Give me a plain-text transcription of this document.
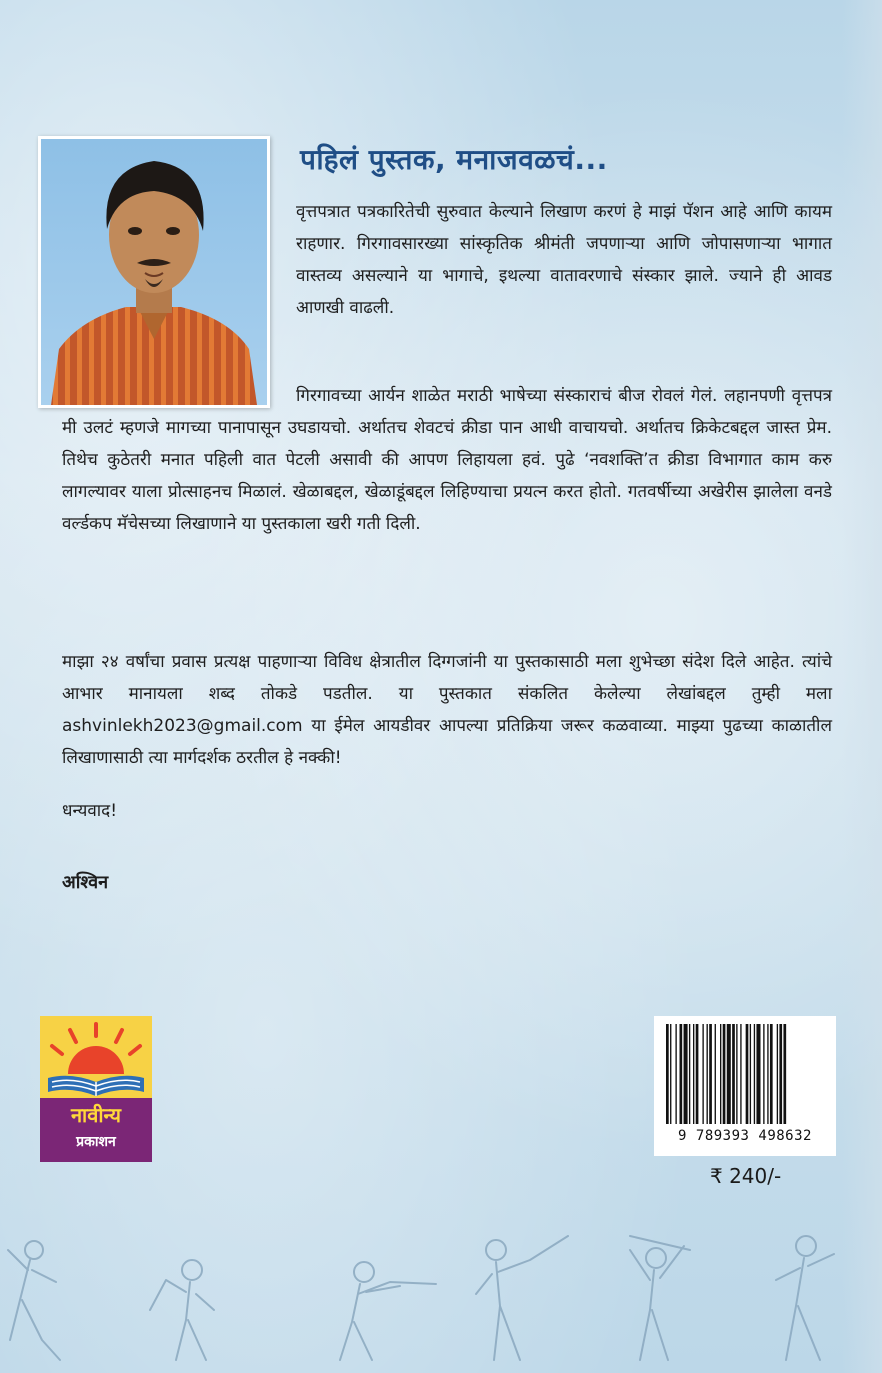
पहिलं पुस्तक, मनाजवळचं...

वृत्तपत्रात पत्रकारितेची सुरुवात केल्याने लिखाण करणं हे माझं पॅशन आहे आणि कायम राहणार. गिरगावसारख्या सांस्कृतिक श्रीमंती जपणाऱ्या आणि जोपासणाऱ्या भागात वास्तव्य असल्याने या भागाचे, इथल्या वातावरणाचे संस्कार झाले. ज्याने ही आवड आणखी वाढली.

गिरगावच्या आर्यन शाळेत मराठी भाषेच्या संस्काराचं बीज रोवलं गेलं. लहानपणी वृत्तपत्र मी उलटं म्हणजे मागच्या पानापासून उघडायचो. अर्थातच शेवटचं क्रीडा पान आधी वाचायचो. अर्थातच क्रिकेटबद्दल जास्त प्रेम. तिथेच कुठेतरी मनात पहिली वात पेटली असावी की आपण लिहायला हवं. पुढे ‘नवशक्ति’त क्रीडा विभागात काम करु लागल्यावर याला प्रोत्साहनच मिळालं. खेळाबद्दल, खेळाडूंबद्दल लिहिण्याचा प्रयत्न करत होतो. गतवर्षीच्या अखेरीस झालेला वनडे वर्ल्डकप मॅचेसच्या लिखाणाने या पुस्तकाला खरी गती दिली.

माझा २४ वर्षांचा प्रवास प्रत्यक्ष पाहणाऱ्या विविध क्षेत्रातील दिग्गजांनी या पुस्तकासाठी मला शुभेच्छा संदेश दिले आहेत. त्यांचे आभार मानायला शब्द तोकडे पडतील. या पुस्तकात संकलित केलेल्या लेखांबद्दल तुम्ही मला ashvinlekh2023@gmail.com या ईमेल आयडीवर आपल्या प्रतिक्रिया जरूर कळवाव्या. माझ्या पुढच्या काळातील लिखाणासाठी त्या मार्गदर्शक ठरतील हे नक्की!

धन्यवाद!
अश्विन
नावीन्य
प्रकाशन	9 789393 498632
₹ 240/-
